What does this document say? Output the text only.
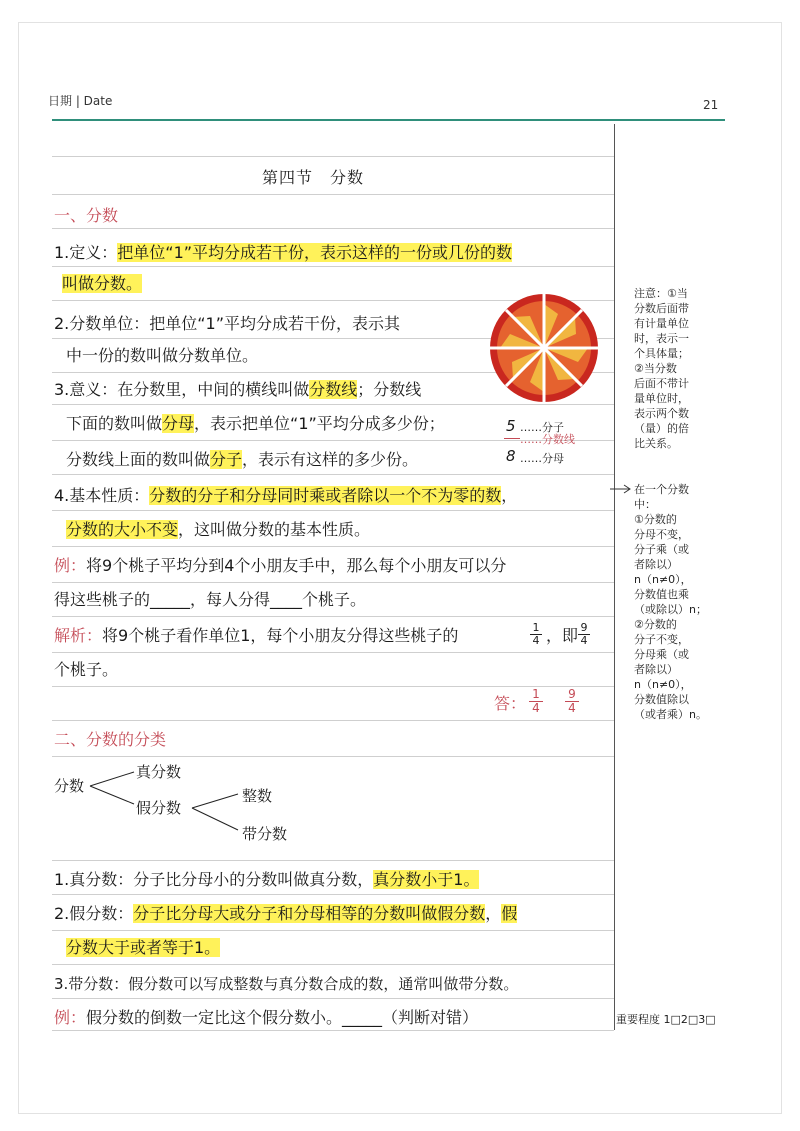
日期 | Date	21
第四节　分数
一、分数
1.定义：把单位“1”平均分成若干份，表示这样的一份或几份的数
叫做分数。
2.分数单位：把单位“1”平均分成若干份，表示其
中一份的数叫做分数单位。
3.意义：在分数里，中间的横线叫做分数线；分数线
下面的数叫做分母，表示把单位“1”平均分成多少份；
分数线上面的数叫做分子，表示有这样的多少份。
5 ……分子
……分数线
8 ……分母
4.基本性质：分数的分子和分母同时乘或者除以一个不为零的数，
分数的大小不变，这叫做分数的基本性质。
例：将9个桃子平均分到4个小朋友手中，那么每个小朋友可以分
得这些桃子的_____，每人分得____个桃子。
解析：将9个桃子看作单位1，每个小朋友分得这些桃子的	$\frac{1}{4}$ ，即 $\frac{9}{4}$
个桃子。
答： $\frac{1}{4} \frac{9}{4}$
二、分数的分类
分数
真分数
假分数
整数
带分数
1.真分数：分子比分母小的分数叫做真分数，真分数小于1。
2.假分数：分子比分母大或分子和分母相等的分数叫做假分数，假
分数大于或者等于1。
3.带分数：假分数可以写成整数与真分数合成的数，通常叫做带分数。
例：假分数的倒数一定比这个假分数小。_____（判断对错）
注意：①当
分数后面带
有计量单位
时，表示一
个具体量；
②当分数
后面不带计
量单位时，
表示两个数
（量）的倍
比关系。
在一个分数
中：
①分数的
分母不变，
分子乘（或
者除以）
n（n≠0），
分数值也乘
（或除以）n；
②分数的
分子不变，
分母乘（或
者除以）
n（n≠0），
分数值除以
（或者乘）n。
重要程度 1□2□3□
